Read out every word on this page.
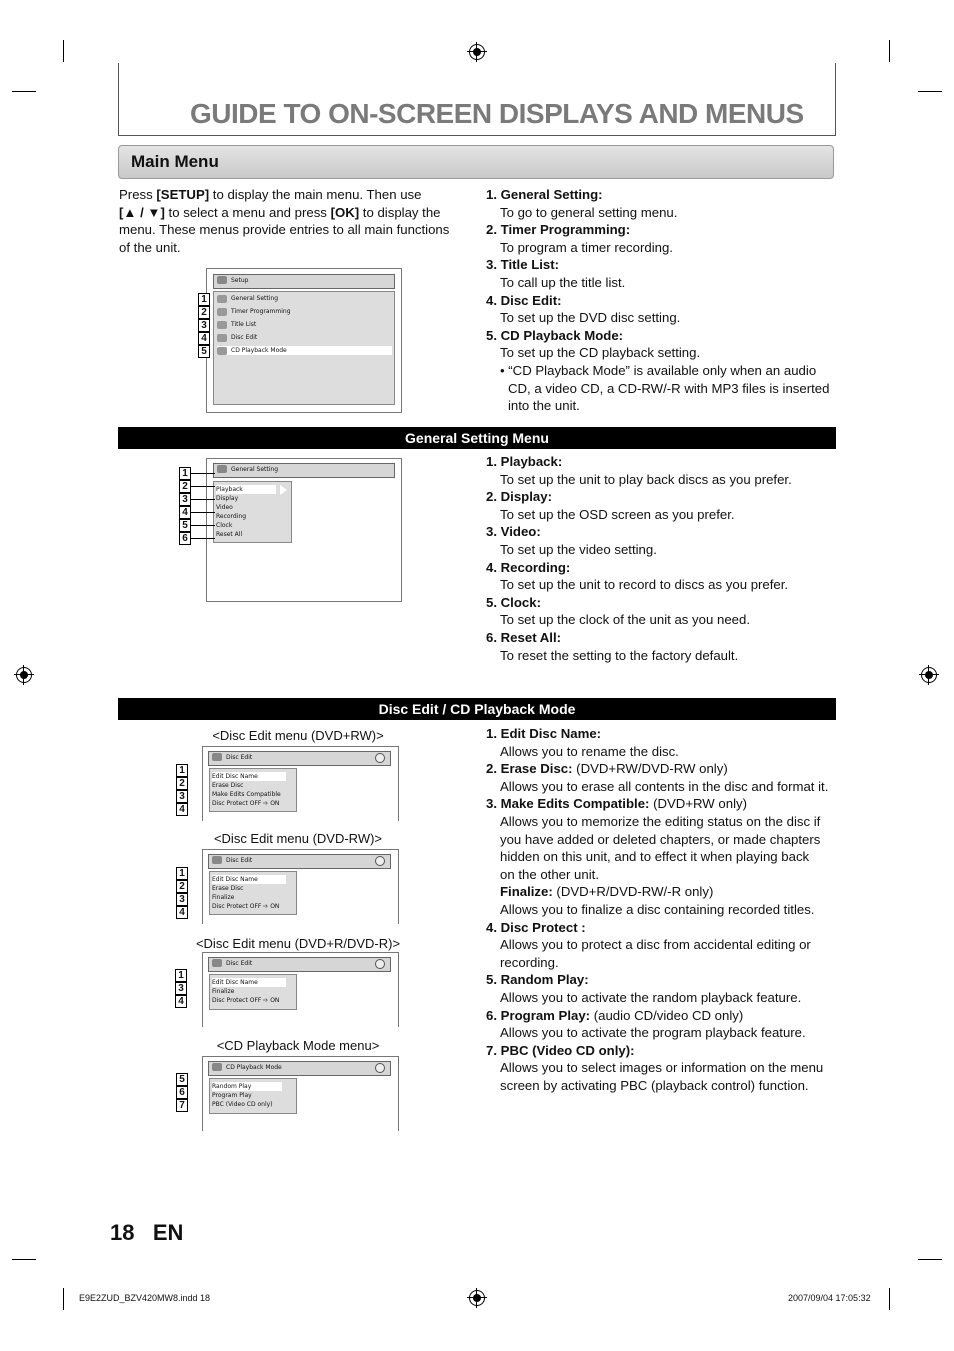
GUIDE TO ON-SCREEN DISPLAYS AND MENUS
Main Menu
Press [SETUP] to display the main menu. Then use
[▲ / ▼] to select a menu and press [OK] to display the
menu. These menus provide entries to all main functions
of the unit.
Setup
General Setting
Timer Programming
Title List
Disc Edit
CD Playback Mode
1
2
3
4
5
1. General Setting:
To go to general setting menu.
2. Timer Programming:
To program a timer recording.
3. Title List:
To call up the title list.
4. Disc Edit:
To set up the DVD disc setting.
5. CD Playback Mode:
To set up the CD playback setting.
• “CD Playback Mode” is available only when an audio CD, a video CD, a CD-RW/-R with MP3 files is inserted into the unit.
General Setting Menu
General Setting
Playback
Display
Video
Recording
Clock
Reset All
1
2
3
4
5
6
1. Playback:
To set up the unit to play back discs as you prefer.
2. Display:
To set up the OSD screen as you prefer.
3. Video:
To set up the video setting.
4. Recording:
To set up the unit to record to discs as you prefer.
5. Clock:
To set up the clock of the unit as you need.
6. Reset All:
To reset the setting to the factory default.
Disc Edit / CD Playback Mode
<Disc Edit menu (DVD+RW)>
Disc Edit
Edit Disc Name
Erase Disc
Make Edits Compatible
Disc Protect OFF ➩ ON
1
2
3
4
<Disc Edit menu (DVD-RW)>
Disc Edit
Edit Disc Name
Erase Disc
Finalize
Disc Protect OFF ➩ ON
1
2
3
4
<Disc Edit menu (DVD+R/DVD-R)>
Disc Edit
Edit Disc Name
Finalize
Disc Protect OFF ➩ ON
1
3
4
<CD Playback Mode menu>
CD Playback Mode
Random Play
Program Play
PBC (Video CD only)
5
6
7
1. Edit Disc Name:
Allows you to rename the disc.
2. Erase Disc: (DVD+RW/DVD-RW only)
Allows you to erase all contents in the disc and format it.
3. Make Edits Compatible: (DVD+RW only)
Allows you to memorize the editing status on the disc if
you have added or deleted chapters, or made chapters
hidden on this unit, and to effect it when playing back
on the other unit.
Finalize: (DVD+R/DVD-RW/-R only)
Allows you to finalize a disc containing recorded titles.
4. Disc Protect :
Allows you to protect a disc from accidental editing or
recording.
5. Random Play:
Allows you to activate the random playback feature.
6. Program Play: (audio CD/video CD only)
Allows you to activate the program playback feature.
7. PBC (Video CD only):
Allows you to select images or information on the menu
screen by activating PBC (playback control) function.
18 EN
E9E2ZUD_BZV420MW8.indd 18	2007/09/04 17:05:32
